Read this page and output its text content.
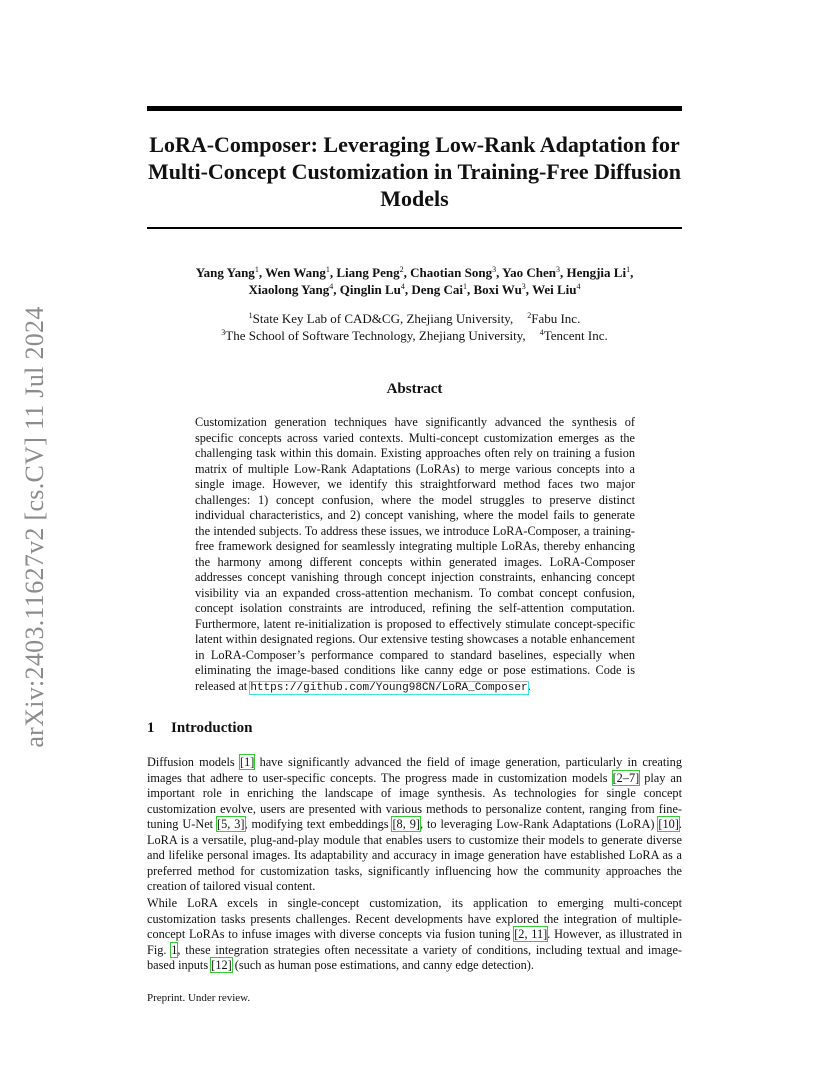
arXiv:2403.11627v2 [cs.CV] 11 Jul 2024
LoRA-Composer: Leveraging Low-Rank Adaptation for Multi-Concept Customization in Training-Free Diffusion Models
Yang Yang$^1$, Wen Wang$^1$, Liang Peng$^2$, Chaotian Song$^3$, Yao Chen$^3$, Hengjia Li$^1$,
Xiaolong Yang$^4$, Qinglin Lu$^4$, Deng Cai$^1$, Boxi Wu$^3$, Wei Liu$^4$
$^1$State Key Lab of CAD&CG, Zhejiang University, $^2$Fabu Inc.
$^3$The School of Software Technology, Zhejiang University, $^4$Tencent Inc.
Abstract

Customization generation techniques have significantly advanced the synthesis of specific concepts across varied contexts. Multi-concept customization emerges as the challenging task within this domain. Existing approaches often rely on training a fusion matrix of multiple Low-Rank Adaptations (LoRAs) to merge various concepts into a single image. However, we identify this straightforward method faces two major challenges: 1) concept confusion, where the model struggles to preserve distinct individual characteristics, and 2) concept vanishing, where the model fails to generate the intended subjects. To address these issues, we introduce LoRA-Composer, a training-free framework designed for seamlessly integrating multiple LoRAs, thereby enhancing the harmony among different concepts within generated images. LoRA-Composer addresses concept vanishing through concept injection constraints, enhancing concept visibility via an expanded cross-attention mechanism. To combat concept confusion, concept isolation constraints are introduced, refining the self-attention computation. Furthermore, latent re-initialization is proposed to effectively stimulate concept-specific latent within designated regions. Our extensive testing showcases a notable enhancement in LoRA-Composer’s performance compared to standard baselines, especially when eliminating the image-based conditions like canny edge or pose estimations. Code is released at https://github.com/Young98CN/LoRA_Composer.

1 Introduction

Diffusion models [1] have significantly advanced the field of image generation, particularly in creating images that adhere to user-specific concepts. The progress made in customization models [2–7] play an important role in enriching the landscape of image synthesis. As technologies for single concept customization evolve, users are presented with various methods to personalize content, ranging from fine-tuning U-Net [5, 3], modifying text embeddings [8, 9], to leveraging Low-Rank Adaptations (LoRA) [10]. LoRA is a versatile, plug-and-play module that enables users to customize their models to generate diverse and lifelike personal images. Its adaptability and accuracy in image generation have established LoRA as a preferred method for customization tasks, significantly influencing how the community approaches the creation of tailored visual content.

While LoRA excels in single-concept customization, its application to emerging multi-concept customization tasks presents challenges. Recent developments have explored the integration of multiple-concept LoRAs to infuse images with diverse concepts via fusion tuning [2, 11]. However, as illustrated in Fig. 1, these integration strategies often necessitate a variety of conditions, including textual and image-based inputs [12] (such as human pose estimations, and canny edge detection).

Preprint. Under review.
